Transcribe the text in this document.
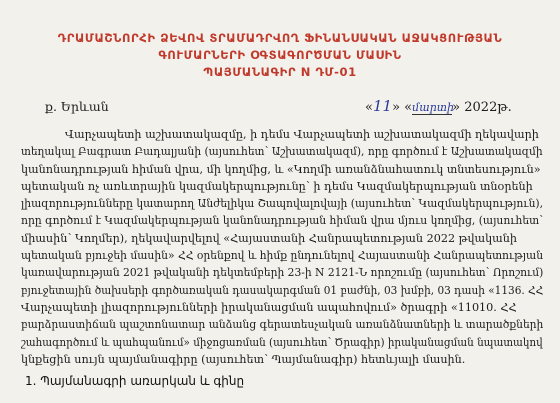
ԴՐԱՄԱՇՆՈՐՀԻ ՁԵՎՈՎ ՏՐԱՄԱԴՐՎՈՂ ՖԻՆԱՆՍԱԿԱՆ ԱՋԱԿՑՈՒԹՅԱՆ
ԳՈՒՄԱՐՆԵՐԻ ՕԳՏԱԳՈՐԾՄԱՆ ՄԱՍԻՆ
ՊԱՅՄԱՆԱԳԻՐ N ԴՄ-01
ք. Երևան	«11» «մարտի» 2022թ.
Վարչապետի աշխատակազմը, ի դեմս Վարչապետի աշխատակազմի ղեկավարի
տեղակալ Բագրատ Բադալյանի (այսուհետ՝ Աշխատակազմ), որը գործում է Աշխատակազմի
կանոնադրության հիման վրա, մի կողմից, և «Կողմի առանձնահատուկ տնտեսություն»
պետական ոչ առևտրային կազմակերպությունը՝ ի դեմս Կազմակերպության տնօրենի
լիազորությունները կատարող Անժելիկա Շապովալովայի (այսուհետ՝ Կազմակերպություն),
որը գործում է Կազմակերպության կանոնադրության հիման վրա մյուս կողմից, (այսուհետ՝
միասին՝ Կողմեր), ղեկավարվելով «Հայաստանի Հանրապետության 2022 թվականի
պետական բյուջեի մասին» ՀՀ օրենքով և հիմք ընդունելով Հայաստանի Հանրապետության
կառավարության 2021 թվականի դեկտեմբերի 23-ի N 2121-Ն որոշումը (այսուհետ՝ Որոշում)
բյուջետային ծախսերի գործառական դասակարգման 01 բաժնի, 03 խմբի, 03 դասի «1136. ՀՀ
Վարչապետի լիազորությունների իրականացման ապահովում» ծրագրի «11010. ՀՀ
բարձրաստիճան պաշտոնատար անձանց գերատեսչական առանձնատների և տարածքների
շահագործում և պահպանում» միջոցառման (այսուհետ՝ Ծրագիր) իրականացման նպատակով
կնքեցին սույն պայմանագիրը (այսուհետ՝ Պայմանագիր) հետևյալի մասին.
1. Պայմանագրի առարկան և գինը
